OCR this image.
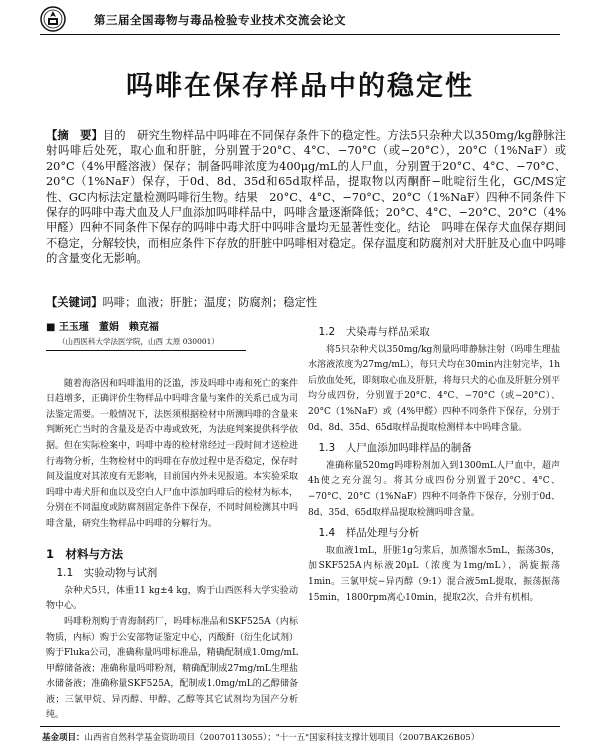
第三届全国毒物与毒品检验专业技术交流会论文
吗啡在保存样品中的稳定性
【摘　要】目的　研究生物样品中吗啡在不同保存条件下的稳定性。方法5只杂种犬以350mg/kg静脉注射吗啡后处死，取心血和肝脏，分别置于20°C、4°C、−70°C（或−20°C），20°C（1%NaF）或20°C（4%甲醛溶液）保存；制备吗啡浓度为400μg/mL的人尸血，分别置于20°C、4°C、−70°C、20°C（1%NaF）保存，于0d、8d、35d和65d取样品，提取物以丙酮酐−吡啶衍生化，GC/MS定性、GC内标法定量检测吗啡衍生物。结果　20°C、4°C、−70°C、20°C（1%NaF）四种不同条件下保存的吗啡中毒犬血及人尸血添加吗啡样品中，吗啡含量逐渐降低；20°C、4°C、−20°C、20°C（4%甲醛）四种不同条件下保存的吗啡中毒犬肝中吗啡含量均无显著性变化。结论　吗啡在保存犬血保存期间不稳定，分解较快，而相应条件下存放的肝脏中吗啡相对稳定。保存温度和防腐剂对犬肝脏及心血中吗啡的含量变化无影响。
【关键词】吗啡；血液；肝脏；温度；防腐剂；稳定性
■ 王玉瑾　董娟　赖克福
（山西医科大学法医学院，山西 太原 030001）

随着海洛因和吗啡滥用的泛滥，涉及吗啡中毒和死亡的案件日趋增多，正确评价生物样品中吗啡含量与案件的关系已成为司法鉴定需要。一般情况下，法医须根据检材中所测吗啡的含量来判断死亡当时的含量及是否中毒或致死，为法庭判案提供科学依据。但在实际检案中，吗啡中毒的检材常经过一段时间才送检进行毒物分析，生物检材中的吗啡在存放过程中是否稳定，保存时间及温度对其浓度有无影响，目前国内外未见报道。本实验采取吗啡中毒犬肝和血以及空白人尸血中添加吗啡后的检材为标本，分别在不同温度或防腐剂固定条件下保存，不同时间检测其中吗啡含量，研究生物样品中吗啡的分解行为。

1　材料与方法
1.1　实验动物与试剂

杂种犬5只，体重11 kg±4 kg，购于山西医科大学实验动物中心。

吗啡粉剂购于青海制药厂，吗啡标准品和SKF525A（内标物质，内标）购于公安部物证鉴定中心，丙酸酐（衍生化试剂）购于Fluka公司，准确称量吗啡标准品，精确配制成1.0mg/mL甲醇储备液；准确称量吗啡粉剂，精确配制成27mg/mL生理盐水储备液；准确称量SKF525A，配制成1.0mg/mL的乙醇储备液；三氯甲烷、异丙醇、甲醇、乙醇等其它试剂均为国产分析纯。

1.2　犬染毒与样品采取

将5只杂种犬以350mg/kg剂量吗啡静脉注射（吗啡生理盐水溶液浓度为27mg/mL），每只犬均在30min内注射完毕，1h后放血处死，即刻取心血及肝脏，将每只犬的心血及肝脏分别平均分成四份，分别置于20°C、4°C、−70°C（或−20°C）、20°C（1%NaF）或（4%甲醛）四种不同条件下保存，分别于0d、8d、35d、65d取样品提取检测样本中吗啡含量。

1.3　人尸血添加吗啡样品的制备

准确称量520mg吗啡粉剂加入到1300mL人尸血中，超声4h使之充分混匀。将其分成四份分别置于20°C、4°C、−70°C、20°C（1%NaF）四种不同条件下保存，分别于0d、8d、35d、65d取样品提取检测吗啡含量。

1.4　样品处理与分析

取血液1mL，肝脏1g匀浆后，加蒸馏水5mL，振荡30s，加SKF525A内标液20μL（浓度为1mg/mL），涡旋振荡1min。三氯甲烷−异丙醇（9:1）混合液5mL提取，振荡振荡15min，1800rpm离心10min，提取2次，合并有机相。

基金项目：山西省自然科学基金资助项目（20070113055）；"十一五"国家科技支撑计划项目（2007BAK26B05）
